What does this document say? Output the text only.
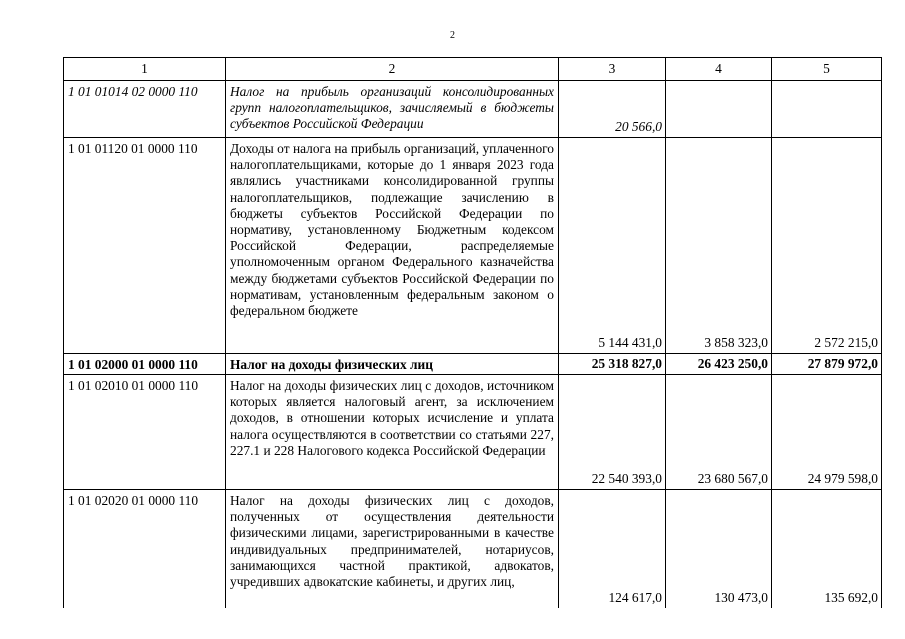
2
1	2	3	4	5
1 01 01014 02 0000 110	Налог на прибыль организаций консолидированных групп налогоплательщиков, зачисляемый в бюджеты субъектов Российской Федерации	20 566,0		
1 01 01120 01 0000 110	Доходы от налога на прибыль организаций, уплаченного налогоплательщиками, которые до 1 января 2023 года являлись участниками консолидированной группы налогоплательщиков, подлежащие зачислению в бюджеты субъектов Российской Федерации по нормативу, установленному Бюджетным кодексом Российской Федерации, распределяемые уполномоченным органом Федерального казначейства между бюджетами субъектов Российской Федерации по нормативам, установленным федеральным законом о федеральном бюджете	5 144 431,0	3 858 323,0	2 572 215,0
1 01 02000 01 0000 110	Налог на доходы физических лиц	25 318 827,0	26 423 250,0	27 879 972,0
1 01 02010 01 0000 110	Налог на доходы физических лиц с доходов, источником которых является налоговый агент, за исключением доходов, в отношении которых исчисление и уплата налога осуществляются в соответствии со статьями 227, 227.1 и 228 Налогового кодекса Российской Федерации	22 540 393,0	23 680 567,0	24 979 598,0
1 01 02020 01 0000 110	Налог на доходы физических лиц с доходов, полученных от осуществления деятельности физическими лицами, зарегистрированными в качестве индивидуальных предпринимателей, нотариусов, занимающихся частной практикой, адвокатов, учредивших адвокатские кабинеты, и других лиц,	124 617,0	130 473,0	135 692,0
